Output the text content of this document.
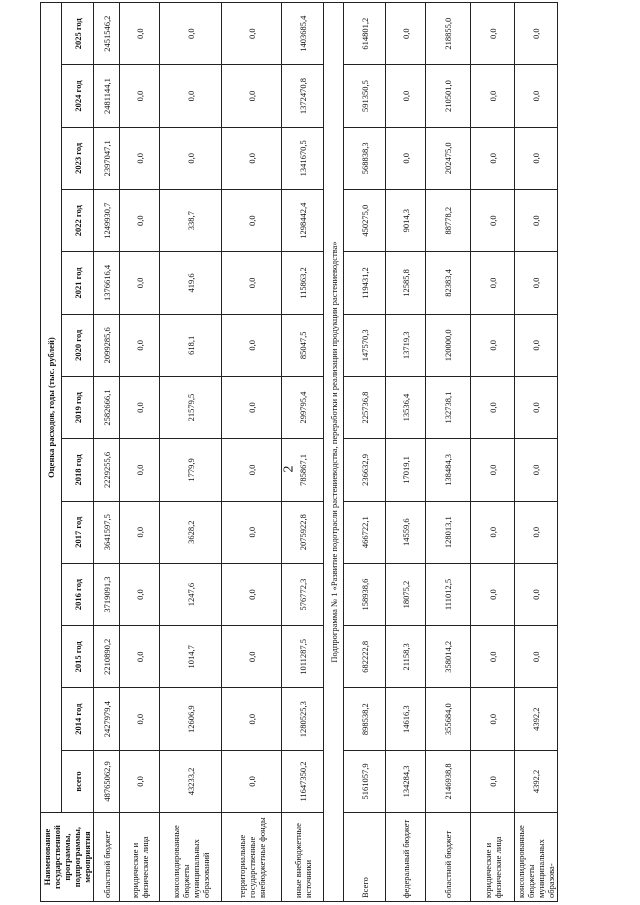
2
Наименование государственной программы, подпрограммы, мероприятия	Оценка расходов, годы (тыс. рублей)												
	всего	2014 год	2015 год	2016 год	2017 год	2018 год	2019 год	2020 год	2021 год	2022 год	2023 год	2024 год	2025 год
областной бюджет	48765062,9	2427979,4	2210890,2	3719091,3	3641597,5	2229255,6	2582666,1	2099285,6	1376616,4	1249930,7	2397047,1	2481144,1	2451546,2
юридические и физические лица	0,0	0,0	0,0	0,0	0,0	0,0	0,0	0,0	0,0	0,0	0,0	0,0	0,0
консолидированные бюджеты муниципальных образований	43233,2	12606,9	1014,7	1247,6	3628,2	1779,9	21579,5	618,1	419,6	338,7	0,0	0,0	0,0
территориальные государственные внебюджетные фонды	0,0	0,0	0,0	0,0	0,0	0,0	0,0	0,0	0,0	0,0	0,0	0,0	0,0
иные внебюджетные источники	11647350,2	1280525,3	1011287,5	576772,3	2075922,8	785867,1	299795,4	85047,5	115863,2	1298442,4	1341670,5	1372470,8	1403685,4
Подпрограмма № 1 «Развитие подотрасли растениеводства, переработки и реализации продукции растениеводства»													
Всего	5161057,9	898538,2	682222,8	158938,6	466722,1	236632,9	225736,8	147570,3	119431,2	450275,0	568838,3	591350,5	614801,2
федеральный бюджет	134284,3	14616,3	21158,3	18075,2	14559,6	17019,1	13536,4	13719,3	12585,8	9014,3	0,0	0,0	0,0
областной бюджет	2146938,8	355684,0	358014,2	111012,5	128013,1	138484,3	132738,1	120000,0	82383,4	88778,2	202475,0	210501,0	218855,0
юридические и физические лица	0,0	0,0	0,0	0,0	0,0	0,0	0,0	0,0	0,0	0,0	0,0	0,0	0,0
консолидированные бюджеты муниципальных образова-	4392,2	4392,2	0,0	0,0	0,0	0,0	0,0	0,0	0,0	0,0	0,0	0,0	0,0
